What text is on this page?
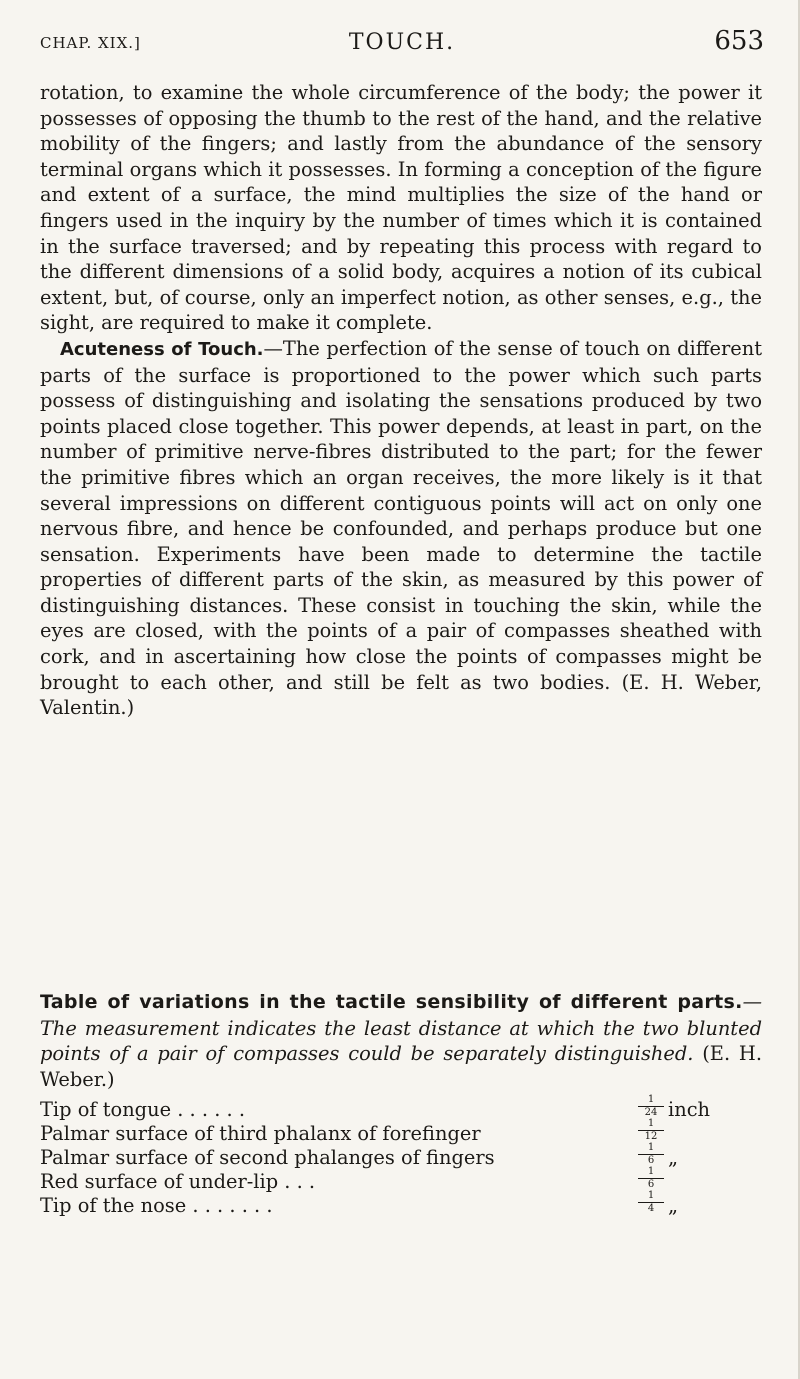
CHAP. XIX.]	TOUCH.	653

rotation, to examine the whole circumference of the body; the power it possesses of opposing the thumb to the rest of the hand, and the relative mobility of the fingers; and lastly from the abundance of the sensory terminal organs which it possesses. In forming a conception of the figure and extent of a surface, the mind multiplies the size of the hand or fingers used in the inquiry by the number of times which it is contained in the surface traversed; and by repeating this process with regard to the different dimensions of a solid body, acquires a notion of its cubical extent, but, of course, only an imperfect notion, as other senses, e.g., the sight, are required to make it complete.

Acuteness of Touch.—The perfection of the sense of touch on different parts of the surface is proportioned to the power which such parts possess of distinguishing and isolating the sensations produced by two points placed close together. This power depends, at least in part, on the number of primitive nerve-fibres distributed to the part; for the fewer the primitive fibres which an organ receives, the more likely is it that several impressions on different contiguous points will act on only one nervous fibre, and hence be confounded, and perhaps produce but one sensation. Experiments have been made to determine the tactile properties of different parts of the skin, as measured by this power of distinguishing distances. These consist in touching the skin, while the eyes are closed, with the points of a pair of compasses sheathed with cork, and in ascertaining how close the points of compasses might be brought to each other, and still be felt as two bodies. (E. H. Weber, Valentin.)

Table of variations in the tactile sensibility of different parts.—The measurement indicates the least distance at which the two blunted points of a pair of compasses could be separately distinguished. (E. H. Weber.)
Tip of tongue . . . . . .	$\frac{1}{24}$ inch
Palmar surface of third phalanx of forefinger	$\frac{1}{12}$
Palmar surface of second phalanges of fingers	$\frac{1}{6}$ „
Red surface of under-lip . . .	$\frac{1}{6}$
Tip of the nose . . . . . . .	$\frac{1}{4}$ „
